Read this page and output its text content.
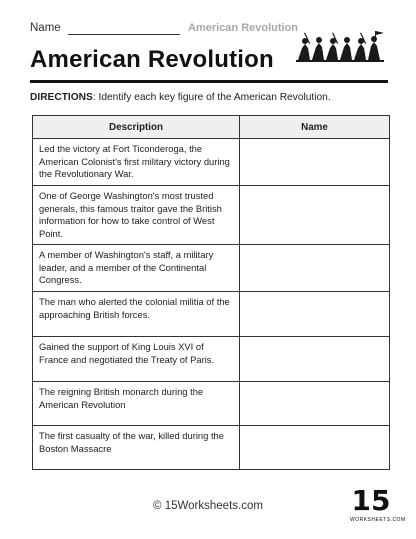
Name	American Revolution
American Revolution
DIRECTIONS: Identify each key figure of the American Revolution.
Description	Name
Led the victory at Fort Ticonderoga, the American Colonist's first military victory during the Revolutionary War.	
One of George Washington's most trusted generals, this famous traitor gave the British information for how to take control of West Point.	
A member of Washington's staff, a military leader, and a member of the Continental Congress.	
The man who alerted the colonial militia of the approaching British forces.	
Gained the support of King Louis XVI of France and negotiated the Treaty of Paris.	
The reigning British monarch during the American Revolution	
The first casualty of the war, killed during the Boston Massacre	
© 15Worksheets.com	15
WORKSHEETS.COM
